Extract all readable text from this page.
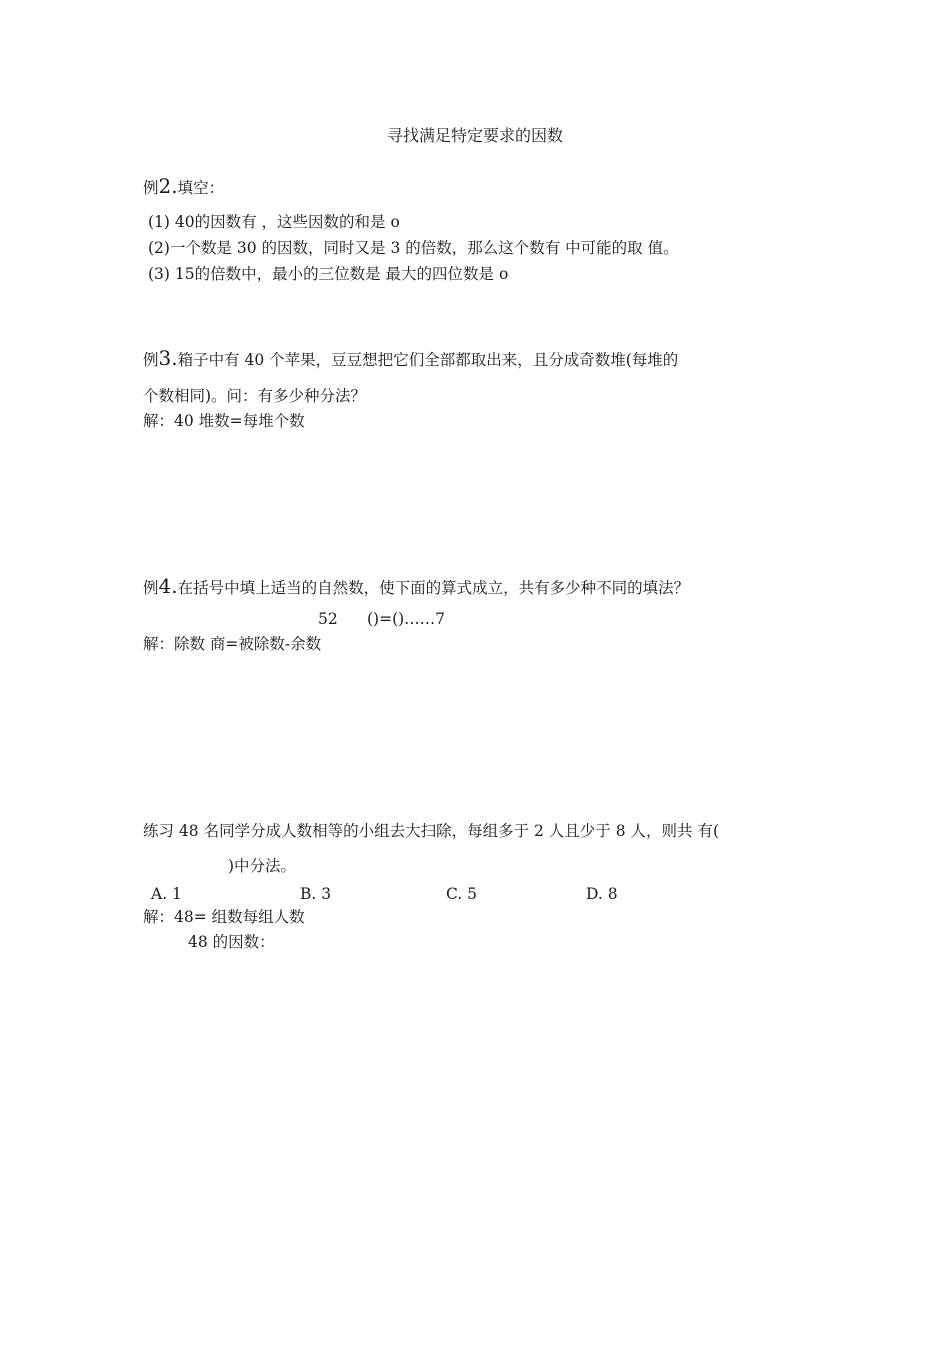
寻找满足特定要求的因数
例2.填空：
(1) 40的因数有 ，这些因数的和是 o
(2)一个数是 30 的因数，同时又是 3 的倍数，那么这个数有 中可能的取 值。
(3) 15的倍数中，最小的三位数是 最大的四位数是 o
例3.箱子中有 40 个苹果，豆豆想把它们全部都取出来，且分成奇数堆(每堆的
个数相同)。问：有多少种分法？
解：40 堆数=每堆个数
例4.在括号中填上适当的自然数，使下面的算式成立，共有多少种不同的填法？
52 ()=()……7
解：除数 商=被除数-余数
练习 48 名同学分成人数相等的小组去大扫除，每组多于 2 人且少于 8 人，则共 有(
)中分法。
A. 1	B. 3	C. 5	D. 8
解：48= 组数每组人数
48 的因数：
